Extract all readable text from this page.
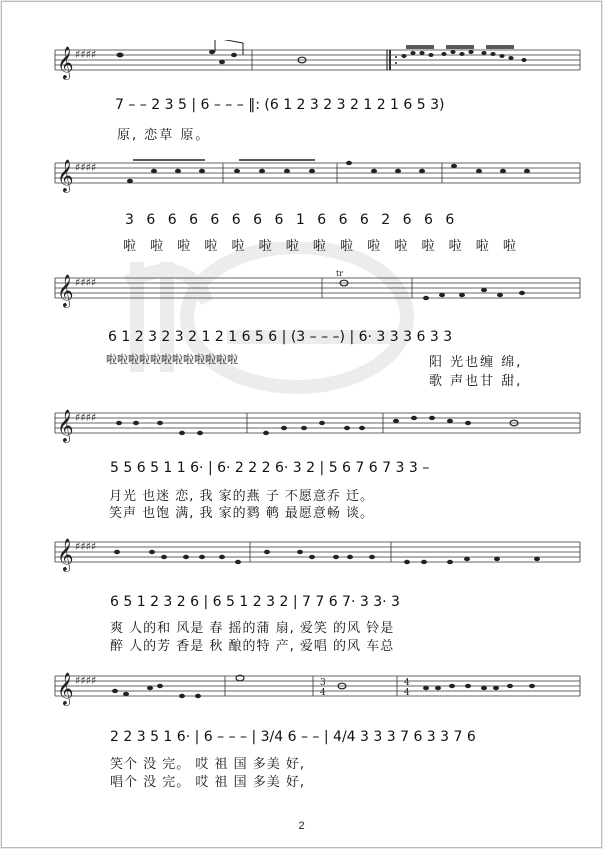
𝄞 ♯♯♯♯
7 – – 2 3 5 | 6 – – – ‖: (6 1 2 3 2 3 2 1 2 1 6 5 3)
原, 恋草 原。
𝄞 ♯♯♯♯
3 6 6 6 6 6 6 6 1 6 6 6 2 6 6 6
啦 啦 啦 啦 啦 啦 啦 啦 啦 啦 啦 啦 啦 啦 啦
𝄞 ♯♯♯♯
tr
6 1 2 3 2 3 2 1 2 1 6 5 6 | (3 – – –) | 6· 3 3 3 6 3 3
啦啦啦啦啦啦啦啦啦啦啦啦	阳 光也缠 绵,
歌 声也甘 甜,
𝄞 ♯♯♯♯
5 5 6 5 1 1 6· | 6· 2 2 2 6· 3 2 | 5 6 7 6 7 3 3 –
月光 也迷 恋, 我 家的燕 子 不愿意乔 迁。
笑声 也饱 满, 我 家的鹨 鹌 最愿意畅 谈。
𝄞 ♯♯♯♯
6 5 1 2 3 2 6 | 6 5 1 2 3 2 | 7 7 6 7· 3 3· 3
爽 人的和 风是 春 摇的蒲 扇, 爱笑 的风 铃是
醉 人的芳 香是 秋 酿的特 产, 爱唱 的风 车总
𝄞 ♯♯♯♯	3
4
4
4
2 2 3 5 1 6· | 6 – – – | 3/4 6 – – | 4/4 3 3 3 7 6 3 3 7 6
笑个 没 完。 哎 祖 国 多美 好,
唱个 没 完。 哎 祖 国 多美 好,
2
